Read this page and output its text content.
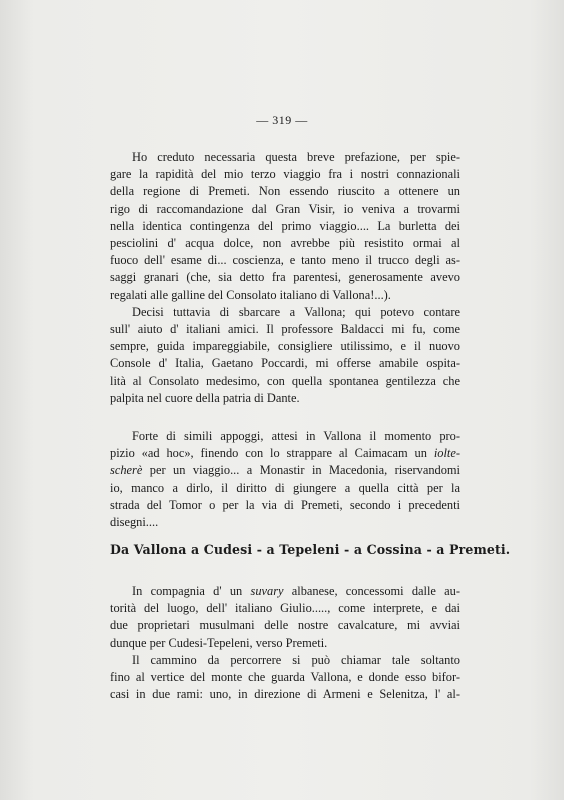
— 319 —
Ho creduto necessaria questa breve prefazione, per spie-
gare la rapidità del mio terzo viaggio fra i nostri connazionali
della regione di Premeti. Non essendo riuscito a ottenere un
rigo di raccomandazione dal Gran Visir, io veniva a trovarmi
nella identica contingenza del primo viaggio.... La burletta dei
pesciolini d' acqua dolce, non avrebbe più resistito ormai al
fuoco dell' esame di... coscienza, e tanto meno il trucco degli as-
saggi granari (che, sia detto fra parentesi, generosamente avevo
regalati alle galline del Consolato italiano di Vallona!...).
Decisi tuttavia di sbarcare a Vallona; qui potevo contare
sull' aiuto d' italiani amici. Il professore Baldacci mi fu, come
sempre, guida impareggiabile, consigliere utilissimo, e il nuovo
Console d' Italia, Gaetano Poccardi, mi offerse amabile ospita-
lità al Consolato medesimo, con quella spontanea gentilezza che
palpita nel cuore della patria di Dante.
Forte di simili appoggi, attesi in Vallona il momento pro-
pizio «ad hoc», finendo con lo strappare al Caimacam un iolte-
scherè per un viaggio... a Monastir in Macedonia, riservandomi
io, manco a dirlo, il diritto di giungere a quella città per la
strada del Tomor o per la via di Premeti, secondo i precedenti
disegni....
Da Vallona a Cudesi - a Tepeleni - a Cossina - a Premeti.
In compagnia d' un suvary albanese, concessomi dalle au-
torità del luogo, dell' italiano Giulio....., come interprete, e dai
due proprietari musulmani delle nostre cavalcature, mi avviai
dunque per Cudesi-Tepeleni, verso Premeti.
Il cammino da percorrere si può chiamar tale soltanto
fino al vertice del monte che guarda Vallona, e donde esso bifor-
casi in due rami: uno, in direzione di Armeni e Selenitza, l' al-
